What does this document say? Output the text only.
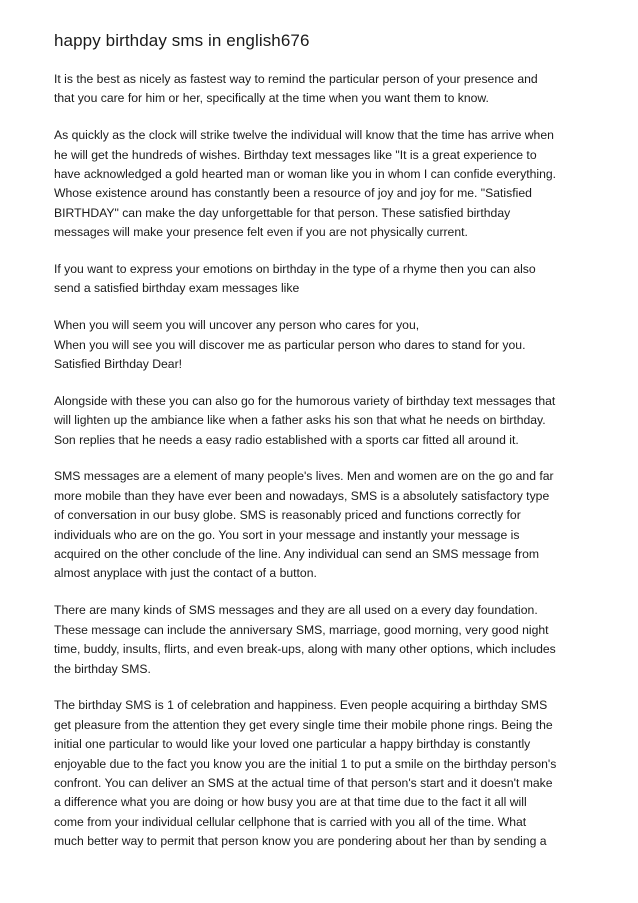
happy birthday sms in english676

It is the best as nicely as fastest way to remind the particular person of your presence and
that you care for him or her, specifically at the time when you want them to know.

As quickly as the clock will strike twelve the individual will know that the time has arrive when
he will get the hundreds of wishes. Birthday text messages like "It is a great experience to
have acknowledged a gold hearted man or woman like you in whom I can confide everything.
Whose existence around has constantly been a resource of joy and joy for me. "Satisfied
BIRTHDAY" can make the day unforgettable for that person. These satisfied birthday
messages will make your presence felt even if you are not physically current.

If you want to express your emotions on birthday in the type of a rhyme then you can also
send a satisfied birthday exam messages like

When you will seem you will uncover any person who cares for you,
When you will see you will discover me as particular person who dares to stand for you.
Satisfied Birthday Dear!

Alongside with these you can also go for the humorous variety of birthday text messages that
will lighten up the ambiance like when a father asks his son that what he needs on birthday.
Son replies that he needs a easy radio established with a sports car fitted all around it.

SMS messages are a element of many people's lives. Men and women are on the go and far
more mobile than they have ever been and nowadays, SMS is a absolutely satisfactory type
of conversation in our busy globe. SMS is reasonably priced and functions correctly for
individuals who are on the go. You sort in your message and instantly your message is
acquired on the other conclude of the line. Any individual can send an SMS message from
almost anyplace with just the contact of a button.

There are many kinds of SMS messages and they are all used on a every day foundation.
These message can include the anniversary SMS, marriage, good morning, very good night
time, buddy, insults, flirts, and even break-ups, along with many other options, which includes
the birthday SMS.

The birthday SMS is 1 of celebration and happiness. Even people acquiring a birthday SMS
get pleasure from the attention they get every single time their mobile phone rings. Being the
initial one particular to would like your loved one particular a happy birthday is constantly
enjoyable due to the fact you know you are the initial 1 to put a smile on the birthday person's
confront. You can deliver an SMS at the actual time of that person's start and it doesn't make
a difference what you are doing or how busy you are at that time due to the fact it all will
come from your individual cellular cellphone that is carried with you all of the time. What
much better way to permit that person know you are pondering about her than by sending a
